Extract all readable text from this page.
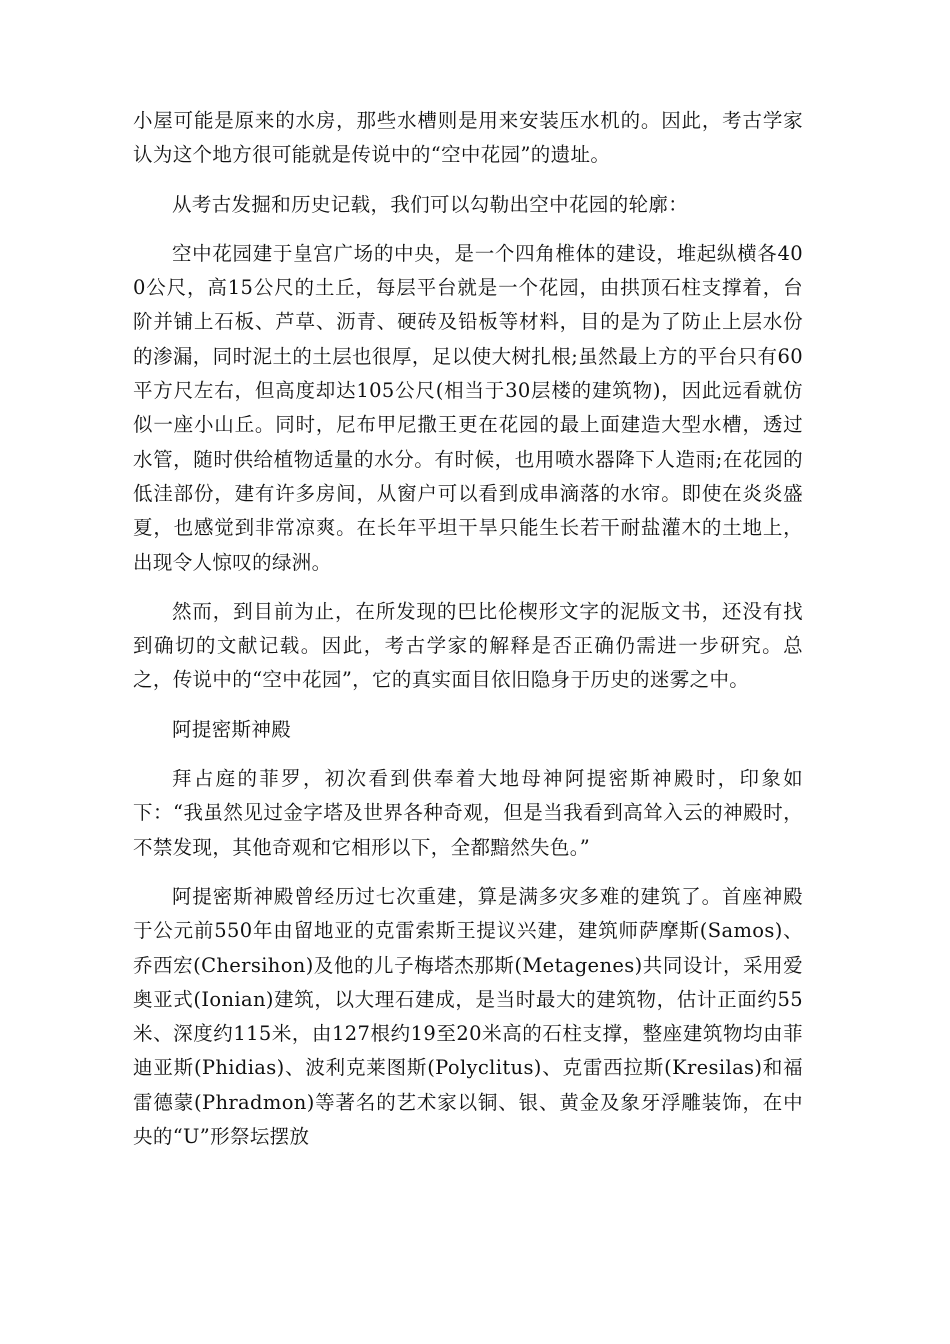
小屋可能是原来的水房，那些水槽则是用来安装压水机的。因此，考古学家认为这个地方很可能就是传说中的“空中花园”的遗址。

从考古发掘和历史记载，我们可以勾勒出空中花园的轮廓：

空中花园建于皇宫广场的中央，是一个四角椎体的建设，堆起纵横各400公尺，高15公尺的土丘，每层平台就是一个花园，由拱顶石柱支撑着，台阶并铺上石板、芦草、沥青、硬砖及铅板等材料，目的是为了防止上层水份的渗漏，同时泥土的土层也很厚，足以使大树扎根;虽然最上方的平台只有60平方尺左右，但高度却达105公尺(相当于30层楼的建筑物)，因此远看就仿似一座小山丘。同时，尼布甲尼撒王更在花园的最上面建造大型水槽，透过水管，随时供给植物适量的水分。有时候，也用喷水器降下人造雨;在花园的低洼部份，建有许多房间，从窗户可以看到成串滴落的水帘。即使在炎炎盛夏，也感觉到非常凉爽。在长年平坦干旱只能生长若干耐盐灌木的土地上，出现令人惊叹的绿洲。

然而，到目前为止，在所发现的巴比伦楔形文字的泥版文书，还没有找到确切的文献记载。因此，考古学家的解释是否正确仍需进一步研究。总之，传说中的“空中花园”，它的真实面目依旧隐身于历史的迷雾之中。

阿提密斯神殿

拜占庭的菲罗，初次看到供奉着大地母神阿提密斯神殿时，印象如下：“我虽然见过金字塔及世界各种奇观，但是当我看到高耸入云的神殿时，不禁发现，其他奇观和它相形以下，全都黯然失色。”

阿提密斯神殿曾经历过七次重建，算是满多灾多难的建筑了。首座神殿于公元前550年由留地亚的克雷索斯王提议兴建，建筑师萨摩斯(Samos)、乔西宏(Chersihon)及他的儿子梅塔杰那斯(Metagenes)共同设计，采用爱奥亚式(Ionian)建筑，以大理石建成，是当时最大的建筑物，估计正面约55米、深度约115米，由127根约19至20米高的石柱支撑，整座建筑物均由菲迪亚斯(Phidias)、波利克莱图斯(Polyclitus)、克雷西拉斯(Kresilas)和福雷德蒙(Phradmon)等著名的艺术家以铜、银、黄金及象牙浮雕装饰，在中央的“U”形祭坛摆放
